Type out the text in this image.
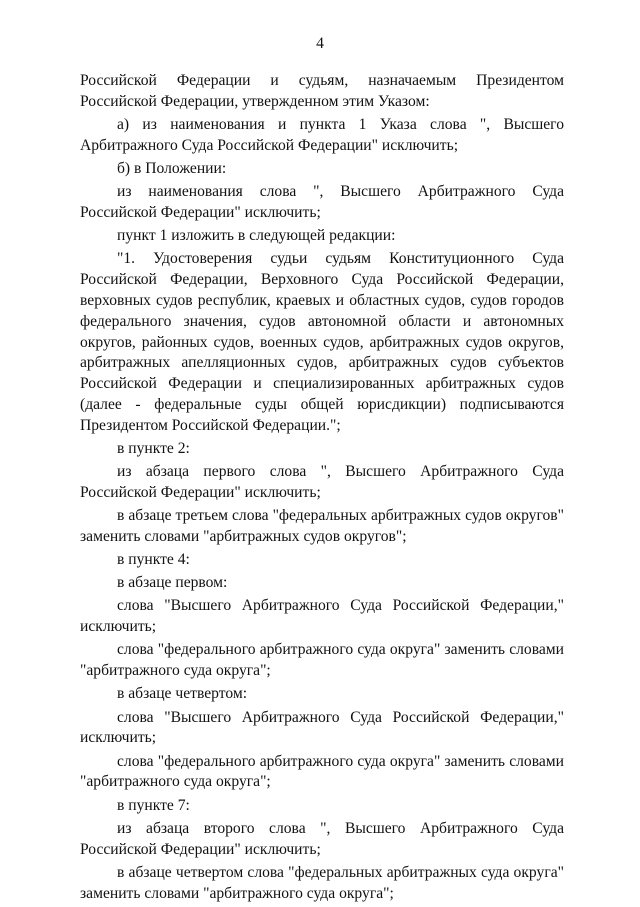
4

Российской Федерации и судьям, назначаемым Президентом Российской Федерации, утвержденном этим Указом:

а) из наименования и пункта 1 Указа слова ", Высшего Арбитражного Суда Российской Федерации" исключить;

б) в Положении:

из наименования слова ", Высшего Арбитражного Суда Российской Федерации" исключить;

пункт 1 изложить в следующей редакции:

"1. Удостоверения судьи судьям Конституционного Суда Российской Федерации, Верховного Суда Российской Федерации, верховных судов республик, краевых и областных судов, судов городов федерального значения, судов автономной области и автономных округов, районных судов, военных судов, арбитражных судов округов, арбитражных апелляционных судов, арбитражных судов субъектов Российской Федерации и специализированных арбитражных судов (далее - федеральные суды общей юрисдикции) подписываются Президентом Российской Федерации.";

в пункте 2:

из абзаца первого слова ", Высшего Арбитражного Суда Российской Федерации" исключить;

в абзаце третьем слова "федеральных арбитражных судов округов" заменить словами "арбитражных судов округов";

в пункте 4:

в абзаце первом:

слова "Высшего Арбитражного Суда Российской Федерации," исключить;

слова "федерального арбитражного суда округа" заменить словами "арбитражного суда округа";

в абзаце четвертом:

слова "Высшего Арбитражного Суда Российской Федерации," исключить;

слова "федерального арбитражного суда округа" заменить словами "арбитражного суда округа";

в пункте 7:

из абзаца второго слова ", Высшего Арбитражного Суда Российской Федерации" исключить;

в абзаце четвертом слова "федеральных арбитражных суда округа" заменить словами "арбитражного суда округа";
